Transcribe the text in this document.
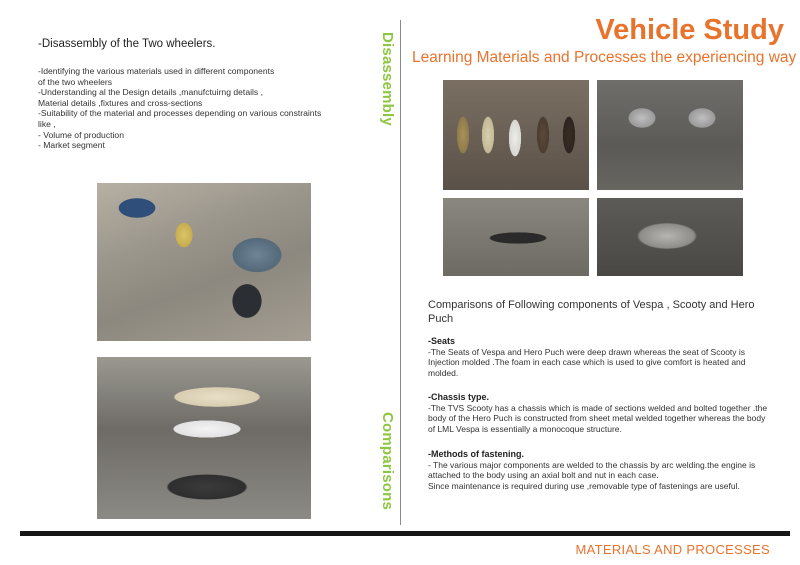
-Disassembly of the Two wheelers.
-Identifying the various materials used in different components
of the two wheelers
-Understanding al the Design details ,manufctuirng details ,
Material details ,fixtures and cross-sections
-Suitability of the material and processes depending on various constraints
like ,
- Volume of production
- Market segment
Disassembly
Comparisons
Vehicle Study
Learning Materials and Processes the experiencing way
Comparisons of Following components of Vespa , Scooty and Hero Puch
-Seats
-The Seats of Vespa and Hero Puch were deep drawn whereas the seat of Scooty is Injection molded .The foam in each case which is used to give comfort is heated and molded.
-Chassis type.
-The TVS Scooty has a chassis which is made of sections welded and bolted together .the body of the Hero Puch is constructed from sheet metal welded together whereas the body of LML Vespa is essentially a monocoque structure.
-Methods of fastening.
- The various major components are welded to the chassis by arc welding.the engine is attached to the body using an axial bolt and nut in each case.
Since maintenance is required during use ,removable type of fastenings are useful.
MATERIALS AND PROCESSES
